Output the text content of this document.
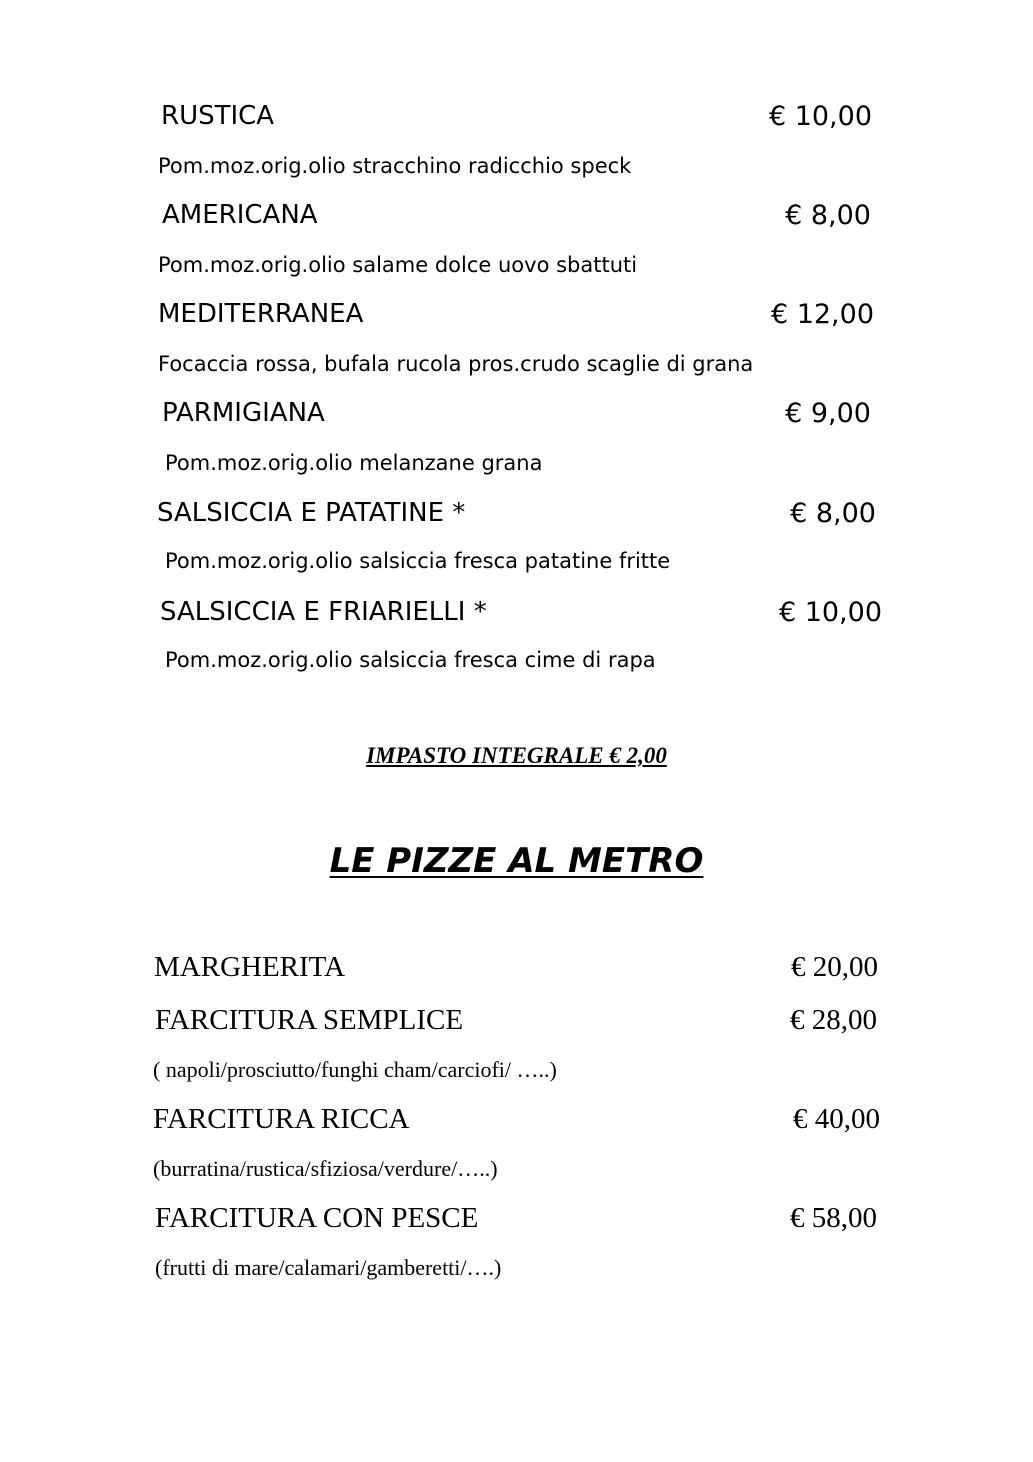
RUSTICA	€ 10,00
Pom.moz.orig.olio stracchino radicchio speck
AMERICANA	€ 8,00
Pom.moz.orig.olio salame dolce uovo sbattuti
MEDITERRANEA	€ 12,00
Focaccia rossa, bufala rucola pros.crudo scaglie di grana
PARMIGIANA	€ 9,00
Pom.moz.orig.olio melanzane grana
SALSICCIA E PATATINE *	€ 8,00
Pom.moz.orig.olio salsiccia fresca patatine fritte
SALSICCIA E FRIARIELLI *	€ 10,00
Pom.moz.orig.olio salsiccia fresca cime di rapa
IMPASTO INTEGRALE € 2,00
LE PIZZE AL METRO
MARGHERITA	€ 20,00
FARCITURA SEMPLICE	€ 28,00
( napoli/prosciutto/funghi cham/carciofi/ …..)
FARCITURA RICCA	€ 40,00
(burratina/rustica/sfiziosa/verdure/…..)
FARCITURA CON PESCE	€ 58,00
(frutti di mare/calamari/gamberetti/….)
